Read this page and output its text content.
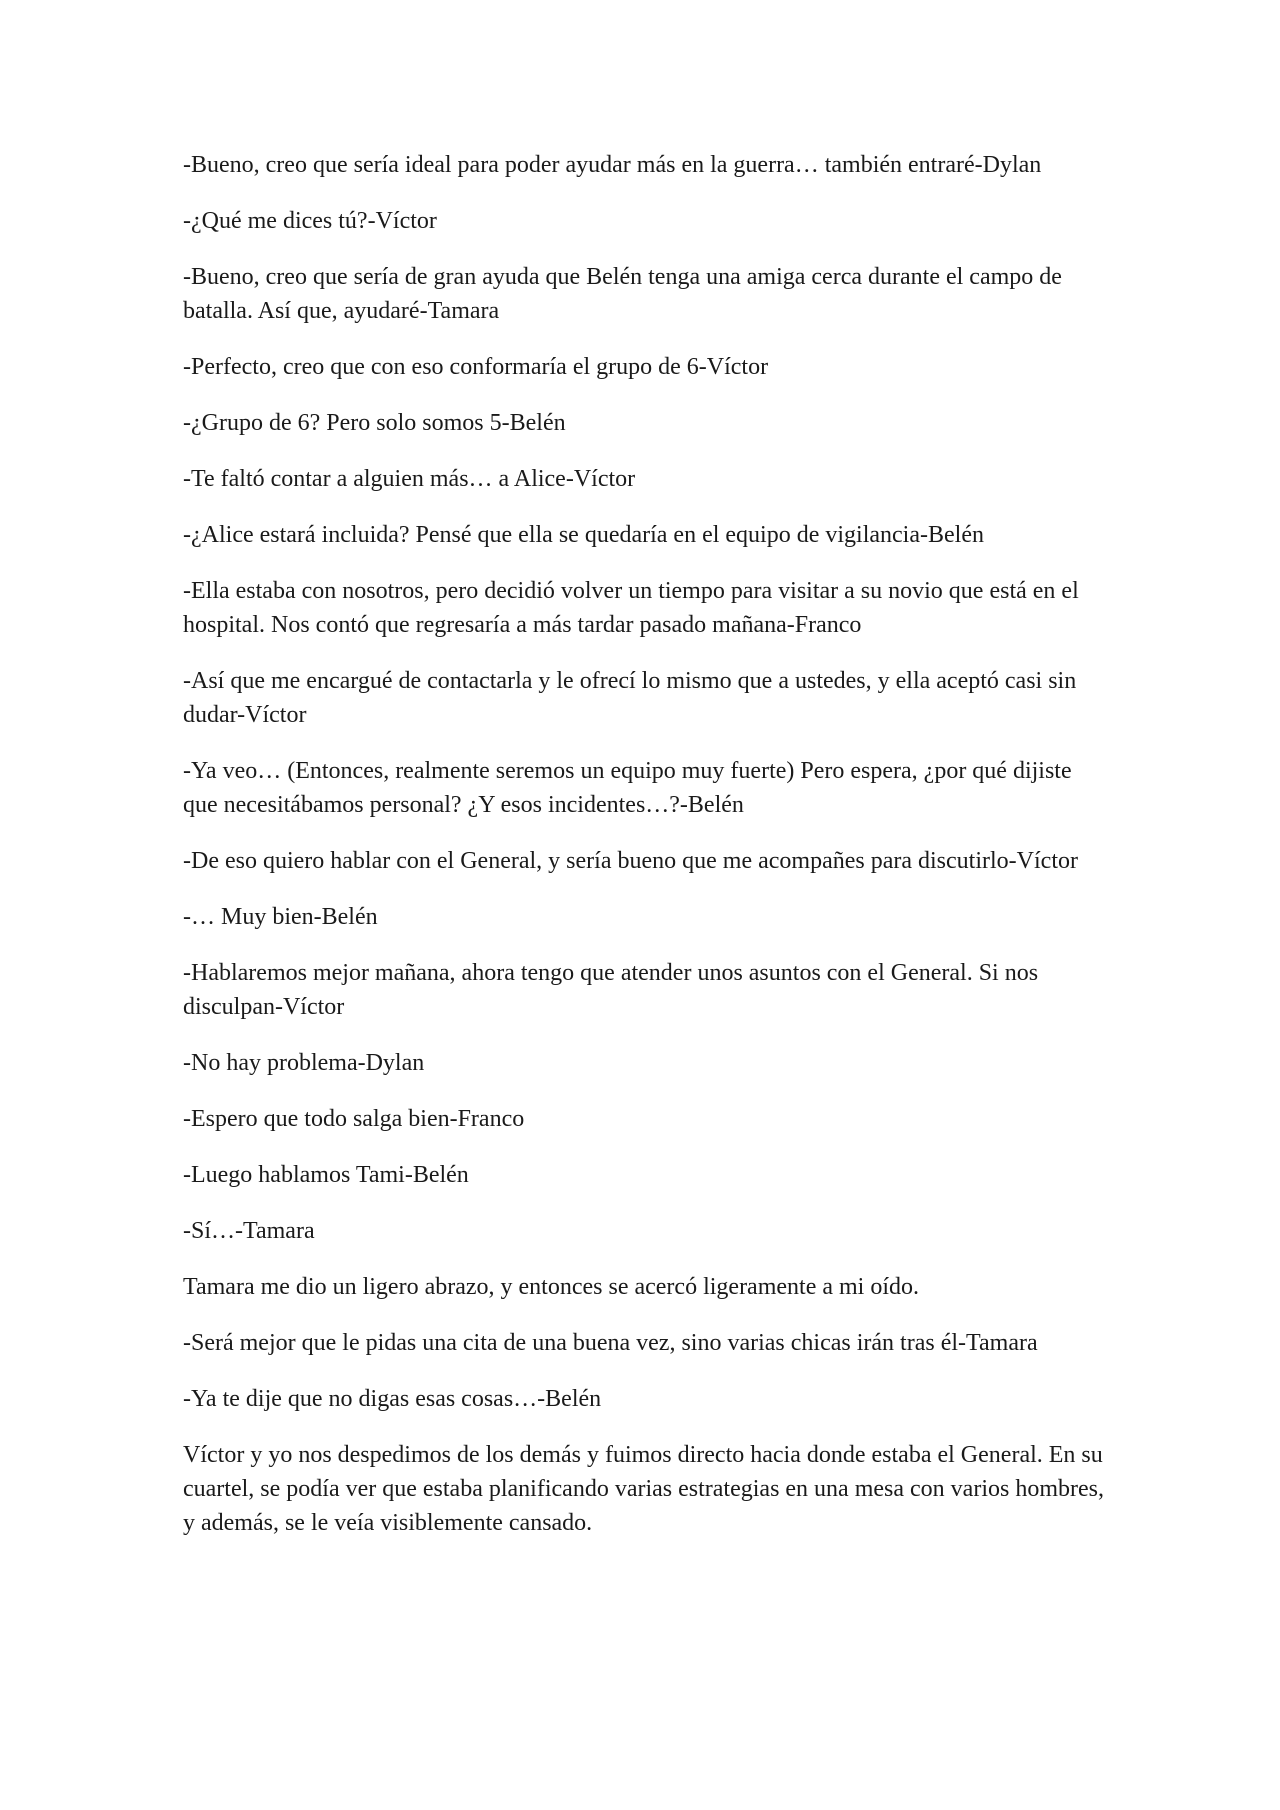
-Bueno, creo que sería ideal para poder ayudar más en la guerra… también entraré-Dylan

-¿Qué me dices tú?-Víctor

-Bueno, creo que sería de gran ayuda que Belén tenga una amiga cerca durante el campo de batalla. Así que, ayudaré-Tamara

-Perfecto, creo que con eso conformaría el grupo de 6-Víctor

-¿Grupo de 6? Pero solo somos 5-Belén

-Te faltó contar a alguien más… a Alice-Víctor

-¿Alice estará incluida? Pensé que ella se quedaría en el equipo de vigilancia-Belén

-Ella estaba con nosotros, pero decidió volver un tiempo para visitar a su novio que está en el hospital. Nos contó que regresaría a más tardar pasado mañana-Franco

-Así que me encargué de contactarla y le ofrecí lo mismo que a ustedes, y ella aceptó casi sin dudar-Víctor

-Ya veo… (Entonces, realmente seremos un equipo muy fuerte) Pero espera, ¿por qué dijiste que necesitábamos personal? ¿Y esos incidentes…?-Belén

-De eso quiero hablar con el General, y sería bueno que me acompañes para discutirlo-Víctor

-… Muy bien-Belén

-Hablaremos mejor mañana, ahora tengo que atender unos asuntos con el General. Si nos disculpan-Víctor

-No hay problema-Dylan

-Espero que todo salga bien-Franco

-Luego hablamos Tami-Belén

-Sí…-Tamara

Tamara me dio un ligero abrazo, y entonces se acercó ligeramente a mi oído.

-Será mejor que le pidas una cita de una buena vez, sino varias chicas irán tras él-Tamara

-Ya te dije que no digas esas cosas…-Belén

Víctor y yo nos despedimos de los demás y fuimos directo hacia donde estaba el General. En su cuartel, se podía ver que estaba planificando varias estrategias en una mesa con varios hombres, y además, se le veía visiblemente cansado.
